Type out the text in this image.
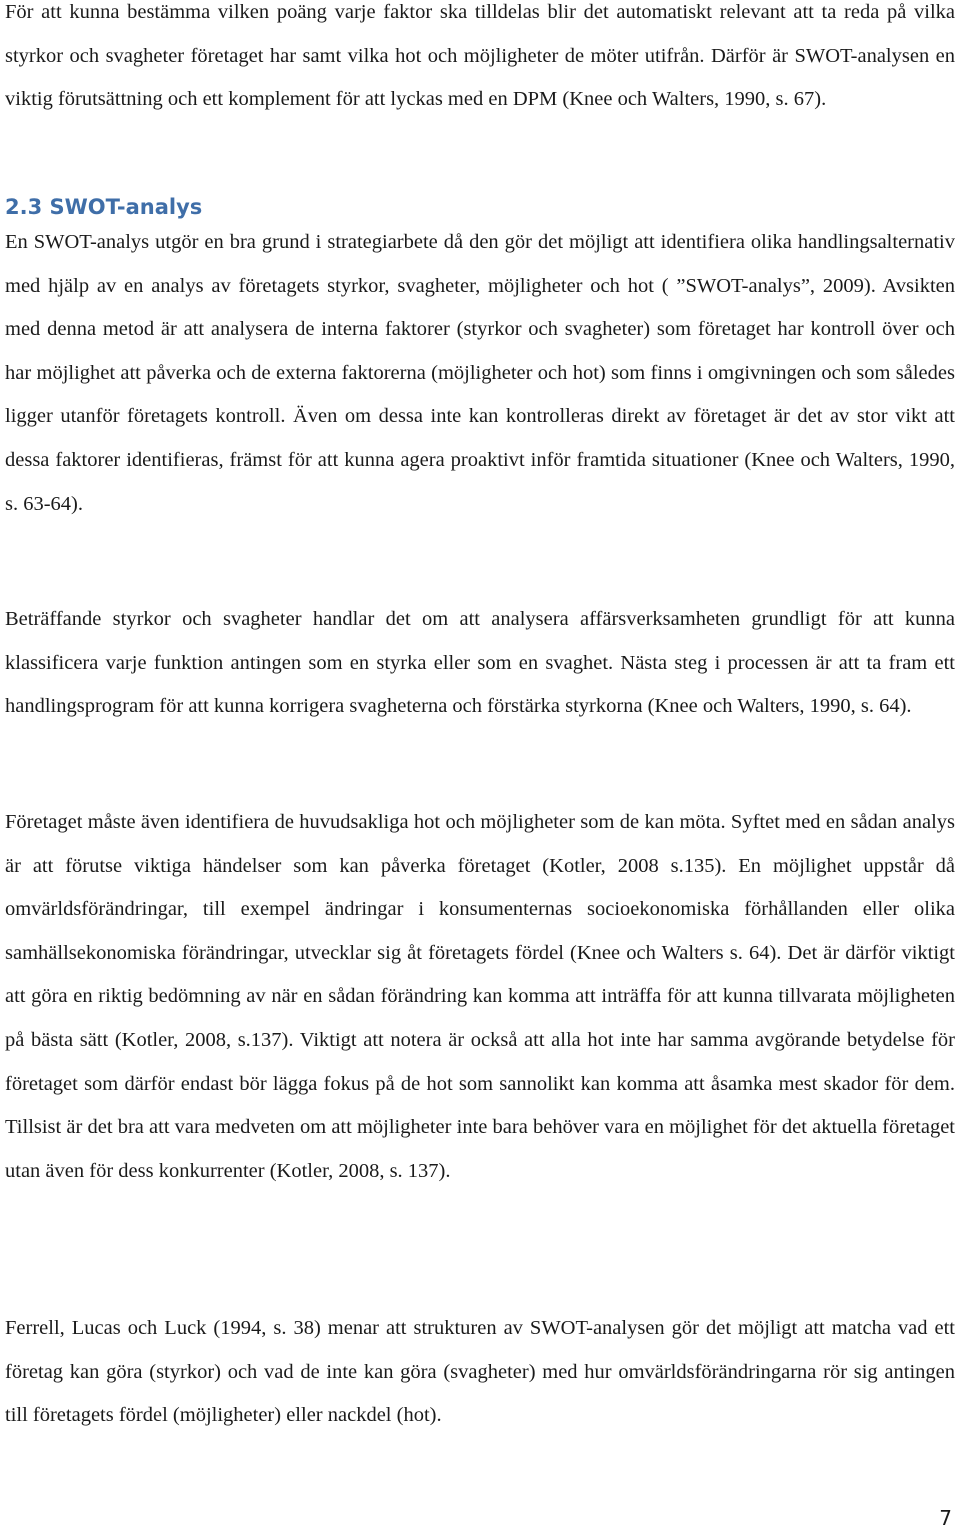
För att kunna bestämma vilken poäng varje faktor ska tilldelas blir det automatiskt relevant att ta reda på vilka styrkor och svagheter företaget har samt vilka hot och möjligheter de möter utifrån. Därför är SWOT-analysen en viktig förutsättning och ett komplement för att lyckas med en DPM (Knee och Walters, 1990, s. 67).

2.3 SWOT-analys

En SWOT-analys utgör en bra grund i strategiarbete då den gör det möjligt att identifiera olika handlingsalternativ med hjälp av en analys av företagets styrkor, svagheter, möjligheter och hot ( ”SWOT-analys”, 2009). Avsikten med denna metod är att analysera de interna faktorer (styrkor och svagheter) som företaget har kontroll över och har möjlighet att påverka och de externa faktorerna (möjligheter och hot) som finns i omgivningen och som således ligger utanför företagets kontroll. Även om dessa inte kan kontrolleras direkt av företaget är det av stor vikt att dessa faktorer identifieras, främst för att kunna agera proaktivt inför framtida situationer (Knee och Walters, 1990, s. 63-64).

Beträffande styrkor och svagheter handlar det om att analysera affärsverksamheten grundligt för att kunna klassificera varje funktion antingen som en styrka eller som en svaghet. Nästa steg i processen är att ta fram ett handlingsprogram för att kunna korrigera svagheterna och förstärka styrkorna (Knee och Walters, 1990, s. 64).

Företaget måste även identifiera de huvudsakliga hot och möjligheter som de kan möta. Syftet med en sådan analys är att förutse viktiga händelser som kan påverka företaget (Kotler, 2008 s.135). En möjlighet uppstår då omvärldsförändringar, till exempel ändringar i konsumenternas socioekonomiska förhållanden eller olika samhällsekonomiska förändringar, utvecklar sig åt företagets fördel (Knee och Walters s. 64). Det är därför viktigt att göra en riktig bedömning av när en sådan förändring kan komma att inträffa för att kunna tillvarata möjligheten på bästa sätt (Kotler, 2008, s.137). Viktigt att notera är också att alla hot inte har samma avgörande betydelse för företaget som därför endast bör lägga fokus på de hot som sannolikt kan komma att åsamka mest skador för dem. Tillsist är det bra att vara medveten om att möjligheter inte bara behöver vara en möjlighet för det aktuella företaget utan även för dess konkurrenter (Kotler, 2008, s. 137).

Ferrell, Lucas och Luck (1994, s. 38) menar att strukturen av SWOT-analysen gör det möjligt att matcha vad ett företag kan göra (styrkor) och vad de inte kan göra (svagheter) med hur omvärldsförändringarna rör sig antingen till företagets fördel (möjligheter) eller nackdel (hot).

7
